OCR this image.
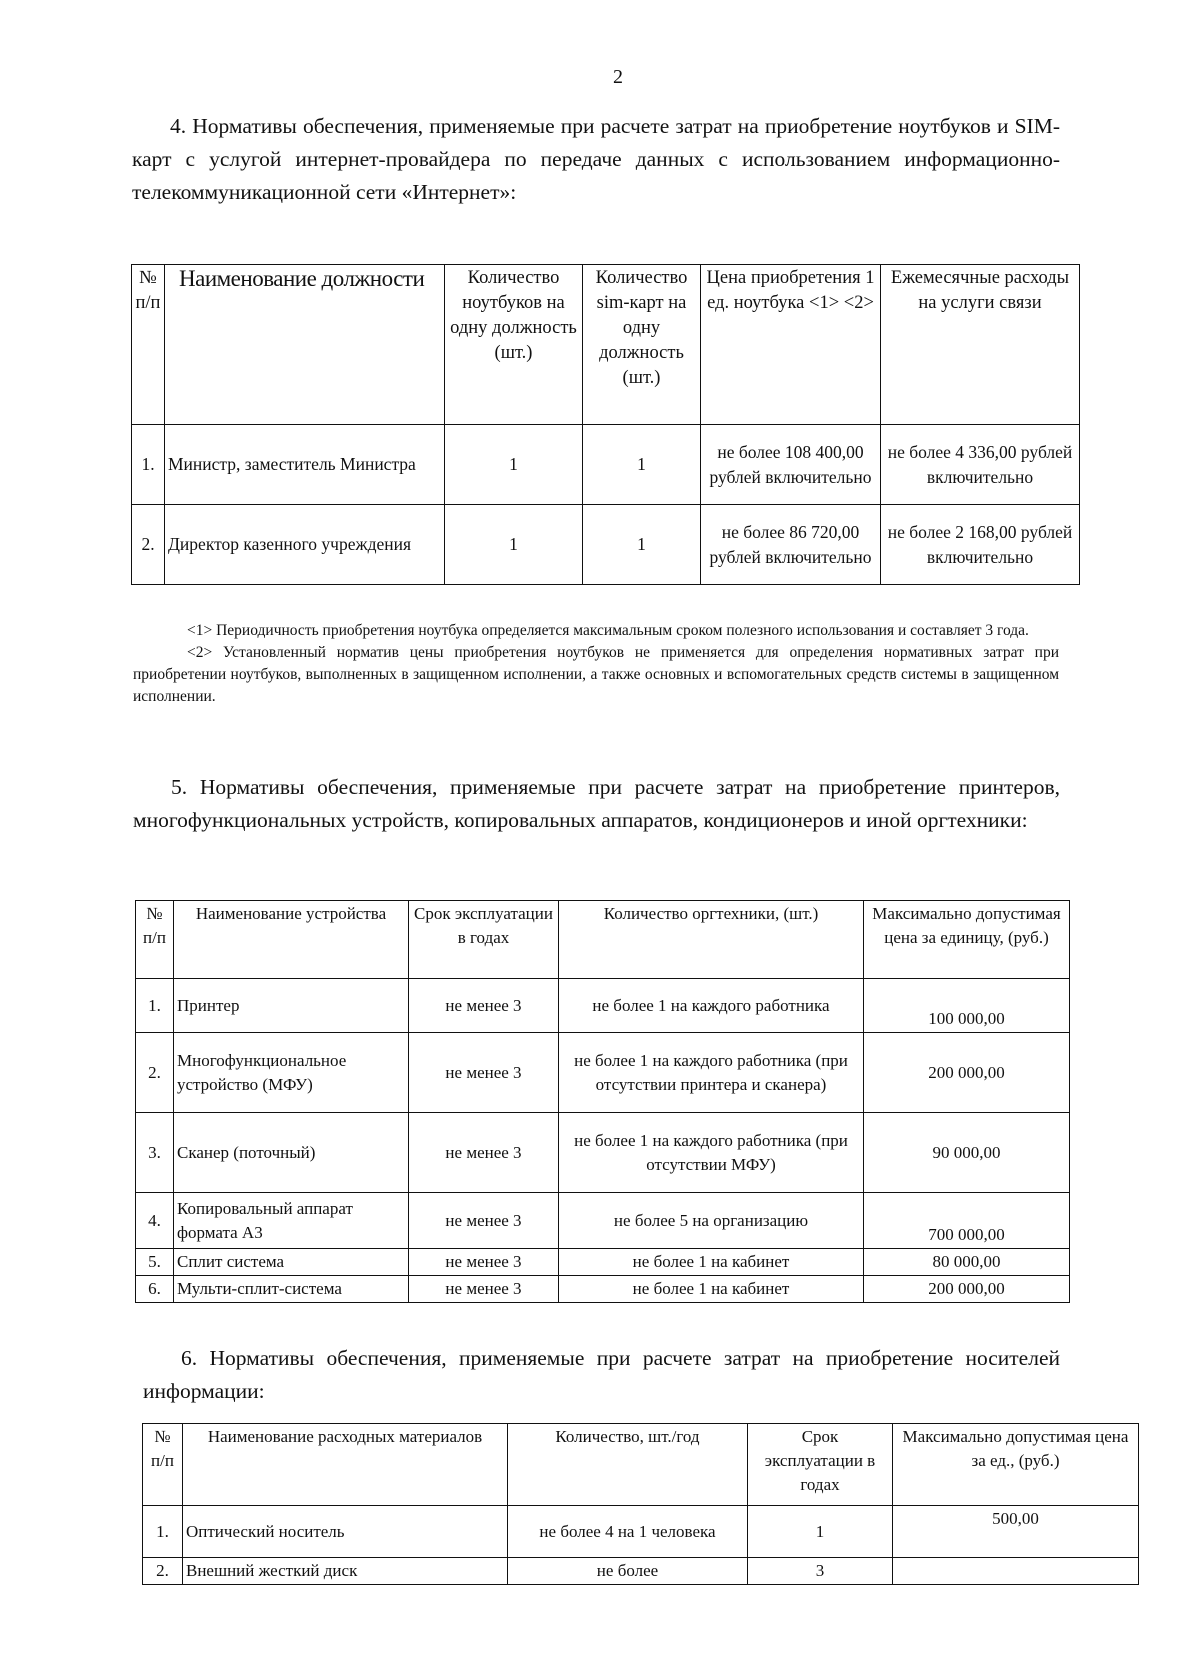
2
4. Нормативы обеспечения, применяемые при расчете затрат на приобретение ноутбуков и SIM-карт с услугой интернет-провайдера по передаче данных с использованием информационно-телекоммуникационной сети «Интернет»:
№ п/п	Наименование должности	Количество ноутбуков на одну должность (шт.)	Количество sim-карт на одну должность (шт.)	Цена приобретения 1 ед. ноутбука <1> <2>	Ежемесячные расходы на услуги связи
1.	Министр, заместитель Министра	1	1	не более 108 400,00 рублей включительно	не более 4 336,00 рублей включительно
2.	Директор казенного учреждения	1	1	не более 86 720,00 рублей включительно	не более 2 168,00 рублей включительно
<1> Периодичность приобретения ноутбука определяется максимальным сроком полезного использования и составляет 3 года.
<2> Установленный норматив цены приобретения ноутбуков не применяется для определения нормативных затрат при приобретении ноутбуков, выполненных в защищенном исполнении, а также основных и вспомогательных средств системы в защищенном исполнении.
5. Нормативы обеспечения, применяемые при расчете затрат на приобретение принтеров, многофункциональных устройств, копировальных аппаратов, кондиционеров и иной оргтехники:
№ п/п	Наименование устройства	Срок эксплуатации в годах	Количество оргтехники, (шт.)	Максимально допустимая цена за единицу, (руб.)
1.	Принтер	не менее 3	не более 1 на каждого работника	100 000,00
2.	Многофункциональное устройство (МФУ)	не менее 3	не более 1 на каждого работника (при отсутствии принтера и сканера)	200 000,00
3.	Сканер (поточный)	не менее 3	не более 1 на каждого работника (при отсутствии МФУ)	90 000,00
4.	Копировальный аппарат формата А3	не менее 3	не более 5 на организацию	700 000,00
5.	Сплит система	не менее 3	не более 1 на кабинет	80 000,00
6.	Мульти-сплит-система	не менее 3	не более 1 на кабинет	200 000,00
6. Нормативы обеспечения, применяемые при расчете затрат на приобретение носителей информации:
№ п/п	Наименование расходных материалов	Количество, шт./год	Срок эксплуатации в годах	Максимально допустимая цена за ед., (руб.)
1.	Оптический носитель	не более 4 на 1 человека	1	500,00
2.	Внешний жесткий диск	не более	3	
